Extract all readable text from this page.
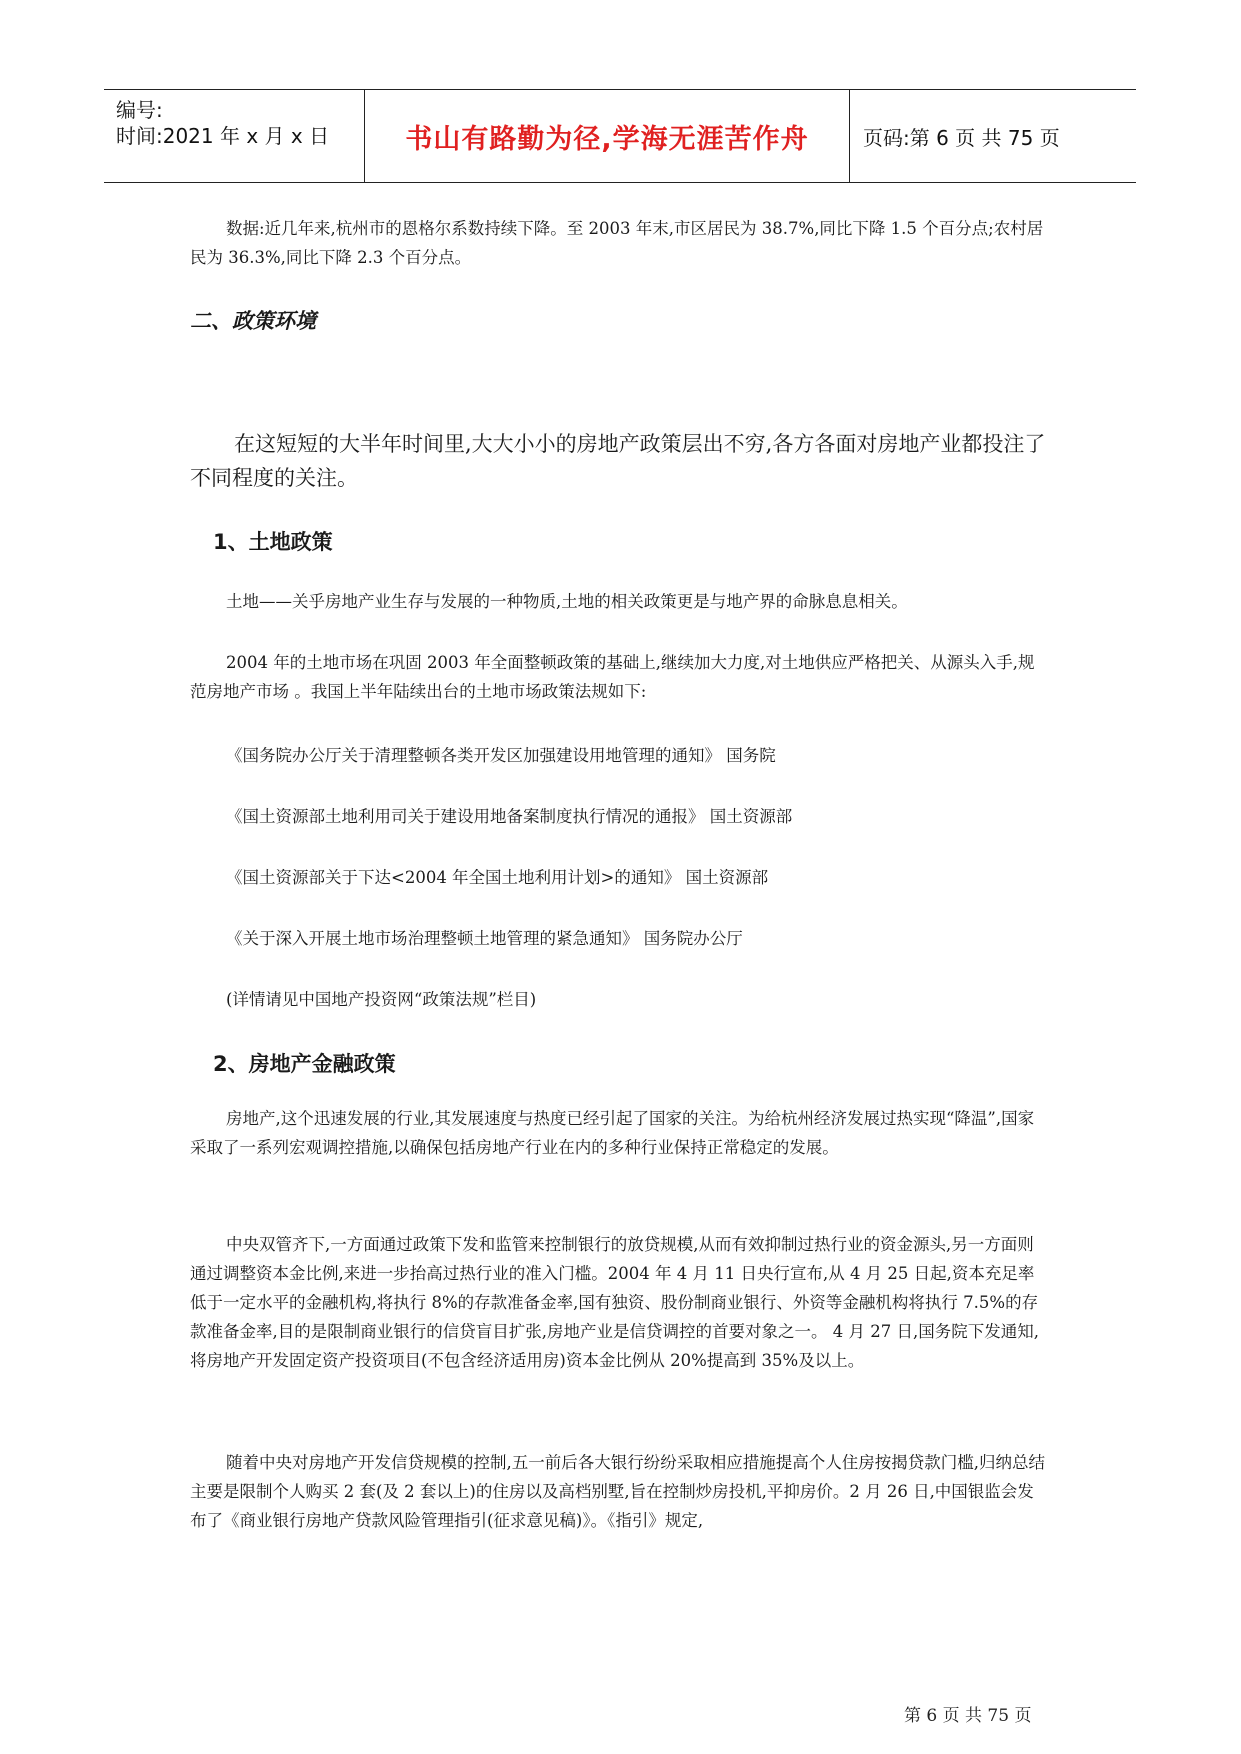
编号:
时间:2021 年 x 月 x 日	书山有路勤为径,学海无涯苦作舟	页码:第 6 页 共 75 页
数据:近几年来,杭州市的恩格尔系数持续下降。至 2003 年末,市区居民为 38.7%,同比下降 1.5 个百分点;农村居民为 36.3%,同比下降 2.3 个百分点。
二、政策环境
在这短短的大半年时间里,大大小小的房地产政策层出不穷,各方各面对房地产业都投注了不同程度的关注。
1、土地政策
土地——关乎房地产业生存与发展的一种物质,土地的相关政策更是与地产界的命脉息息相关。
2004 年的土地市场在巩固 2003 年全面整顿政策的基础上,继续加大力度,对土地供应严格把关、从源头入手,规范房地产市场 。我国上半年陆续出台的土地市场政策法规如下:
《国务院办公厅关于清理整顿各类开发区加强建设用地管理的通知》 国务院
《国土资源部土地利用司关于建设用地备案制度执行情况的通报》 国土资源部
《国土资源部关于下达<2004 年全国土地利用计划>的通知》 国土资源部
《关于深入开展土地市场治理整顿土地管理的紧急通知》 国务院办公厅
(详情请见中国地产投资网“政策法规”栏目)
2、房地产金融政策
房地产,这个迅速发展的行业,其发展速度与热度已经引起了国家的关注。为给杭州经济发展过热实现“降温”,国家采取了一系列宏观调控措施,以确保包括房地产行业在内的多种行业保持正常稳定的发展。
中央双管齐下,一方面通过政策下发和监管来控制银行的放贷规模,从而有效抑制过热行业的资金源头,另一方面则通过调整资本金比例,来进一步抬高过热行业的准入门槛。2004 年 4 月 11 日央行宣布,从 4 月 25 日起,资本充足率低于一定水平的金融机构,将执行 8%的存款准备金率,国有独资、股份制商业银行、外资等金融机构将执行 7.5%的存款准备金率,目的是限制商业银行的信贷盲目扩张,房地产业是信贷调控的首要对象之一。 4 月 27 日,国务院下发通知,将房地产开发固定资产投资项目(不包含经济适用房)资本金比例从 20%提高到 35%及以上。
随着中央对房地产开发信贷规模的控制,五一前后各大银行纷纷采取相应措施提高个人住房按揭贷款门槛,归纳总结主要是限制个人购买 2 套(及 2 套以上)的住房以及高档别墅,旨在控制炒房投机,平抑房价。2 月 26 日,中国银监会发布了《商业银行房地产贷款风险管理指引(征求意见稿)》。《指引》规定,
第 6 页 共 75 页
